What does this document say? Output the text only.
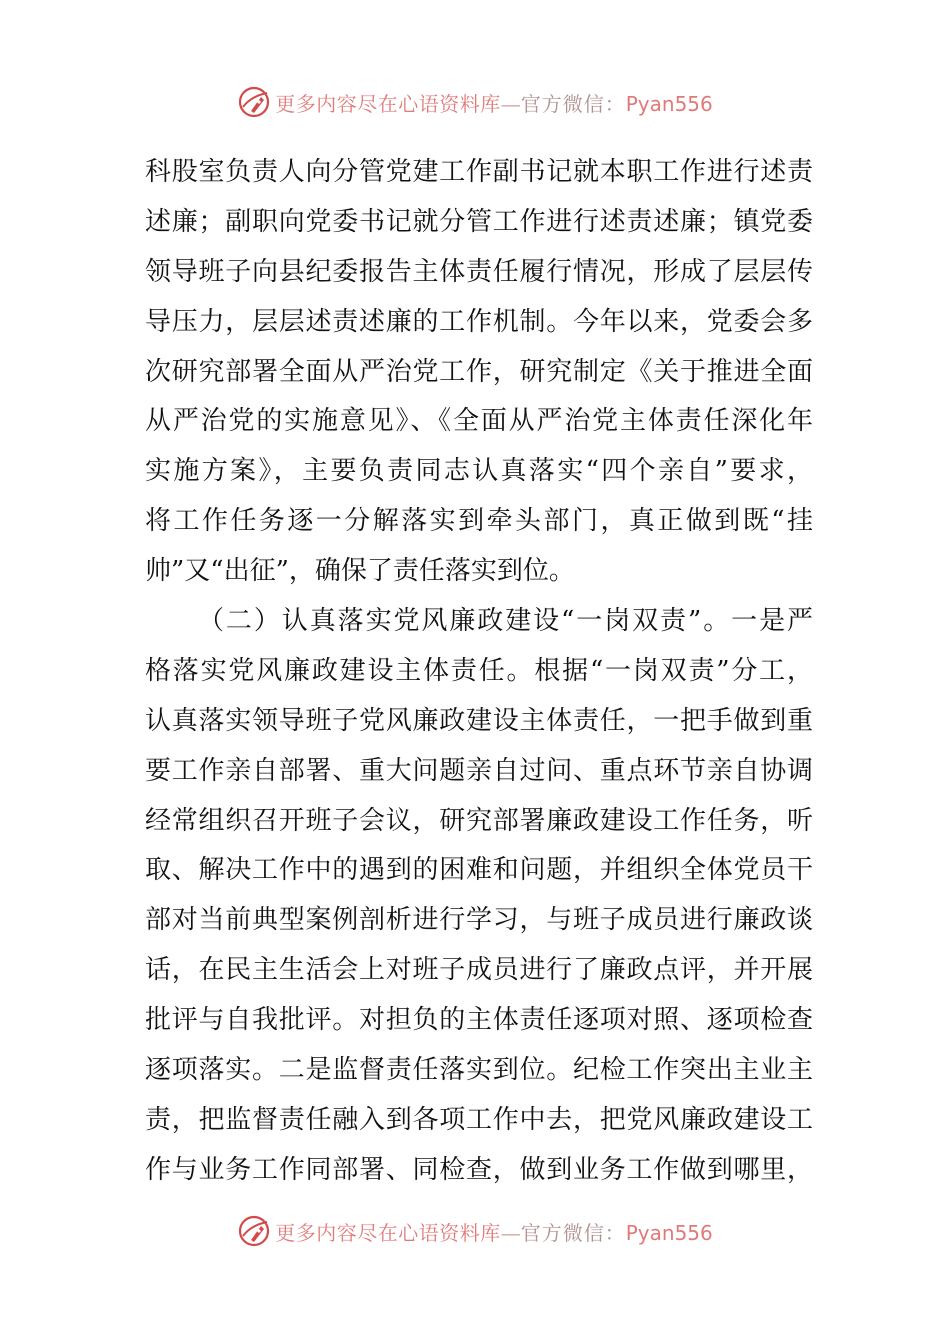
更多内容尽在心语资料库—官方微信：Pyan556
科股室负责人向分管党建工作副书记就本职工作进行述责
述廉；副职向党委书记就分管工作进行述责述廉；镇党委
领导班子向县纪委报告主体责任履行情况，形成了层层传
导压力，层层述责述廉的工作机制。今年以来，党委会多
次研究部署全面从严治党工作，研究制定《关于推进全面
从严治党的实施意见》、《全面从严治党主体责任深化年
实施方案》，主要负责同志认真落实“四个亲自”要求，
将工作任务逐一分解落实到牵头部门，真正做到既“挂
帅”又“出征”，确保了责任落实到位。
（二）认真落实党风廉政建设“一岗双责”。一是严
格落实党风廉政建设主体责任。根据“一岗双责”分工，
认真落实领导班子党风廉政建设主体责任，一把手做到重
要工作亲自部署、重大问题亲自过问、重点环节亲自协调
经常组织召开班子会议，研究部署廉政建设工作任务，听
取、解决工作中的遇到的困难和问题，并组织全体党员干
部对当前典型案例剖析进行学习，与班子成员进行廉政谈
话，在民主生活会上对班子成员进行了廉政点评，并开展
批评与自我批评。对担负的主体责任逐项对照、逐项检查
逐项落实。二是监督责任落实到位。纪检工作突出主业主
责，把监督责任融入到各项工作中去，把党风廉政建设工
作与业务工作同部署、同检查，做到业务工作做到哪里，
更多内容尽在心语资料库—官方微信：Pyan556
